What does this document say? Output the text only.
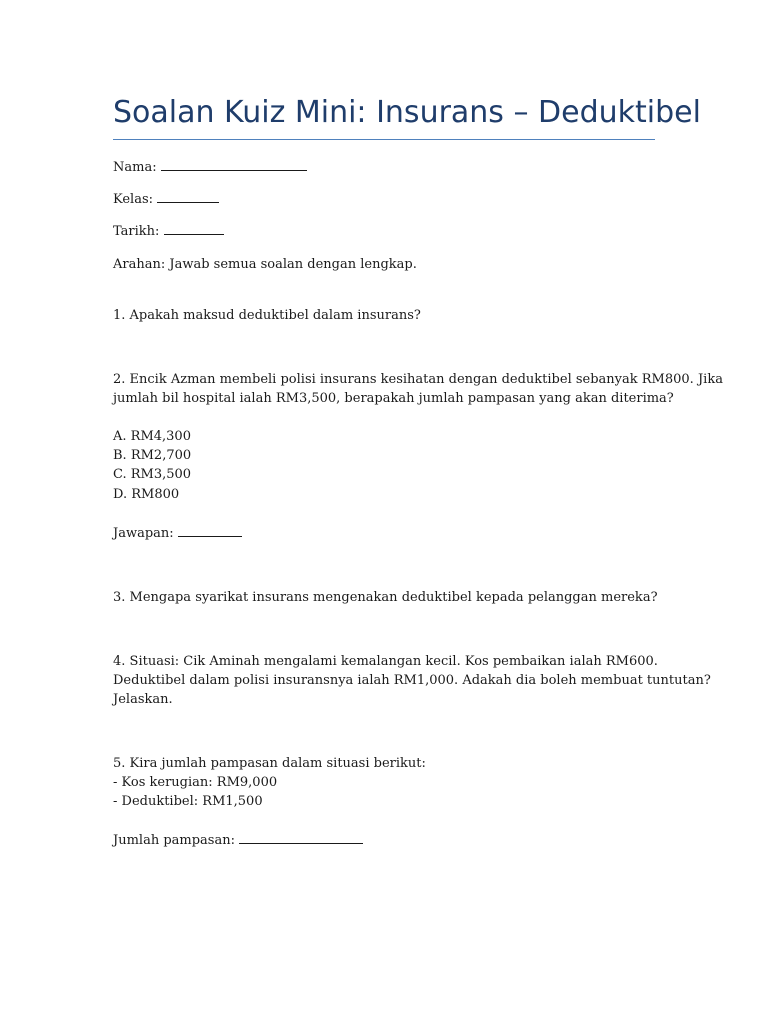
Soalan Kuiz Mini: Insurans – Deduktibel
Nama:
Kelas:
Tarikh:
Arahan: Jawab semua soalan dengan lengkap.
1. Apakah maksud deduktibel dalam insurans?
2. Encik Azman membeli polisi insurans kesihatan dengan deduktibel sebanyak RM800. Jika
jumlah bil hospital ialah RM3,500, berapakah jumlah pampasan yang akan diterima?
A. RM4,300
B. RM2,700
C. RM3,500
D. RM800
Jawapan:
3. Mengapa syarikat insurans mengenakan deduktibel kepada pelanggan mereka?
4. Situasi: Cik Aminah mengalami kemalangan kecil. Kos pembaikan ialah RM600.
Deduktibel dalam polisi insuransnya ialah RM1,000. Adakah dia boleh membuat tuntutan?
Jelaskan.
5. Kira jumlah pampasan dalam situasi berikut:
- Kos kerugian: RM9,000
- Deduktibel: RM1,500
Jumlah pampasan:
